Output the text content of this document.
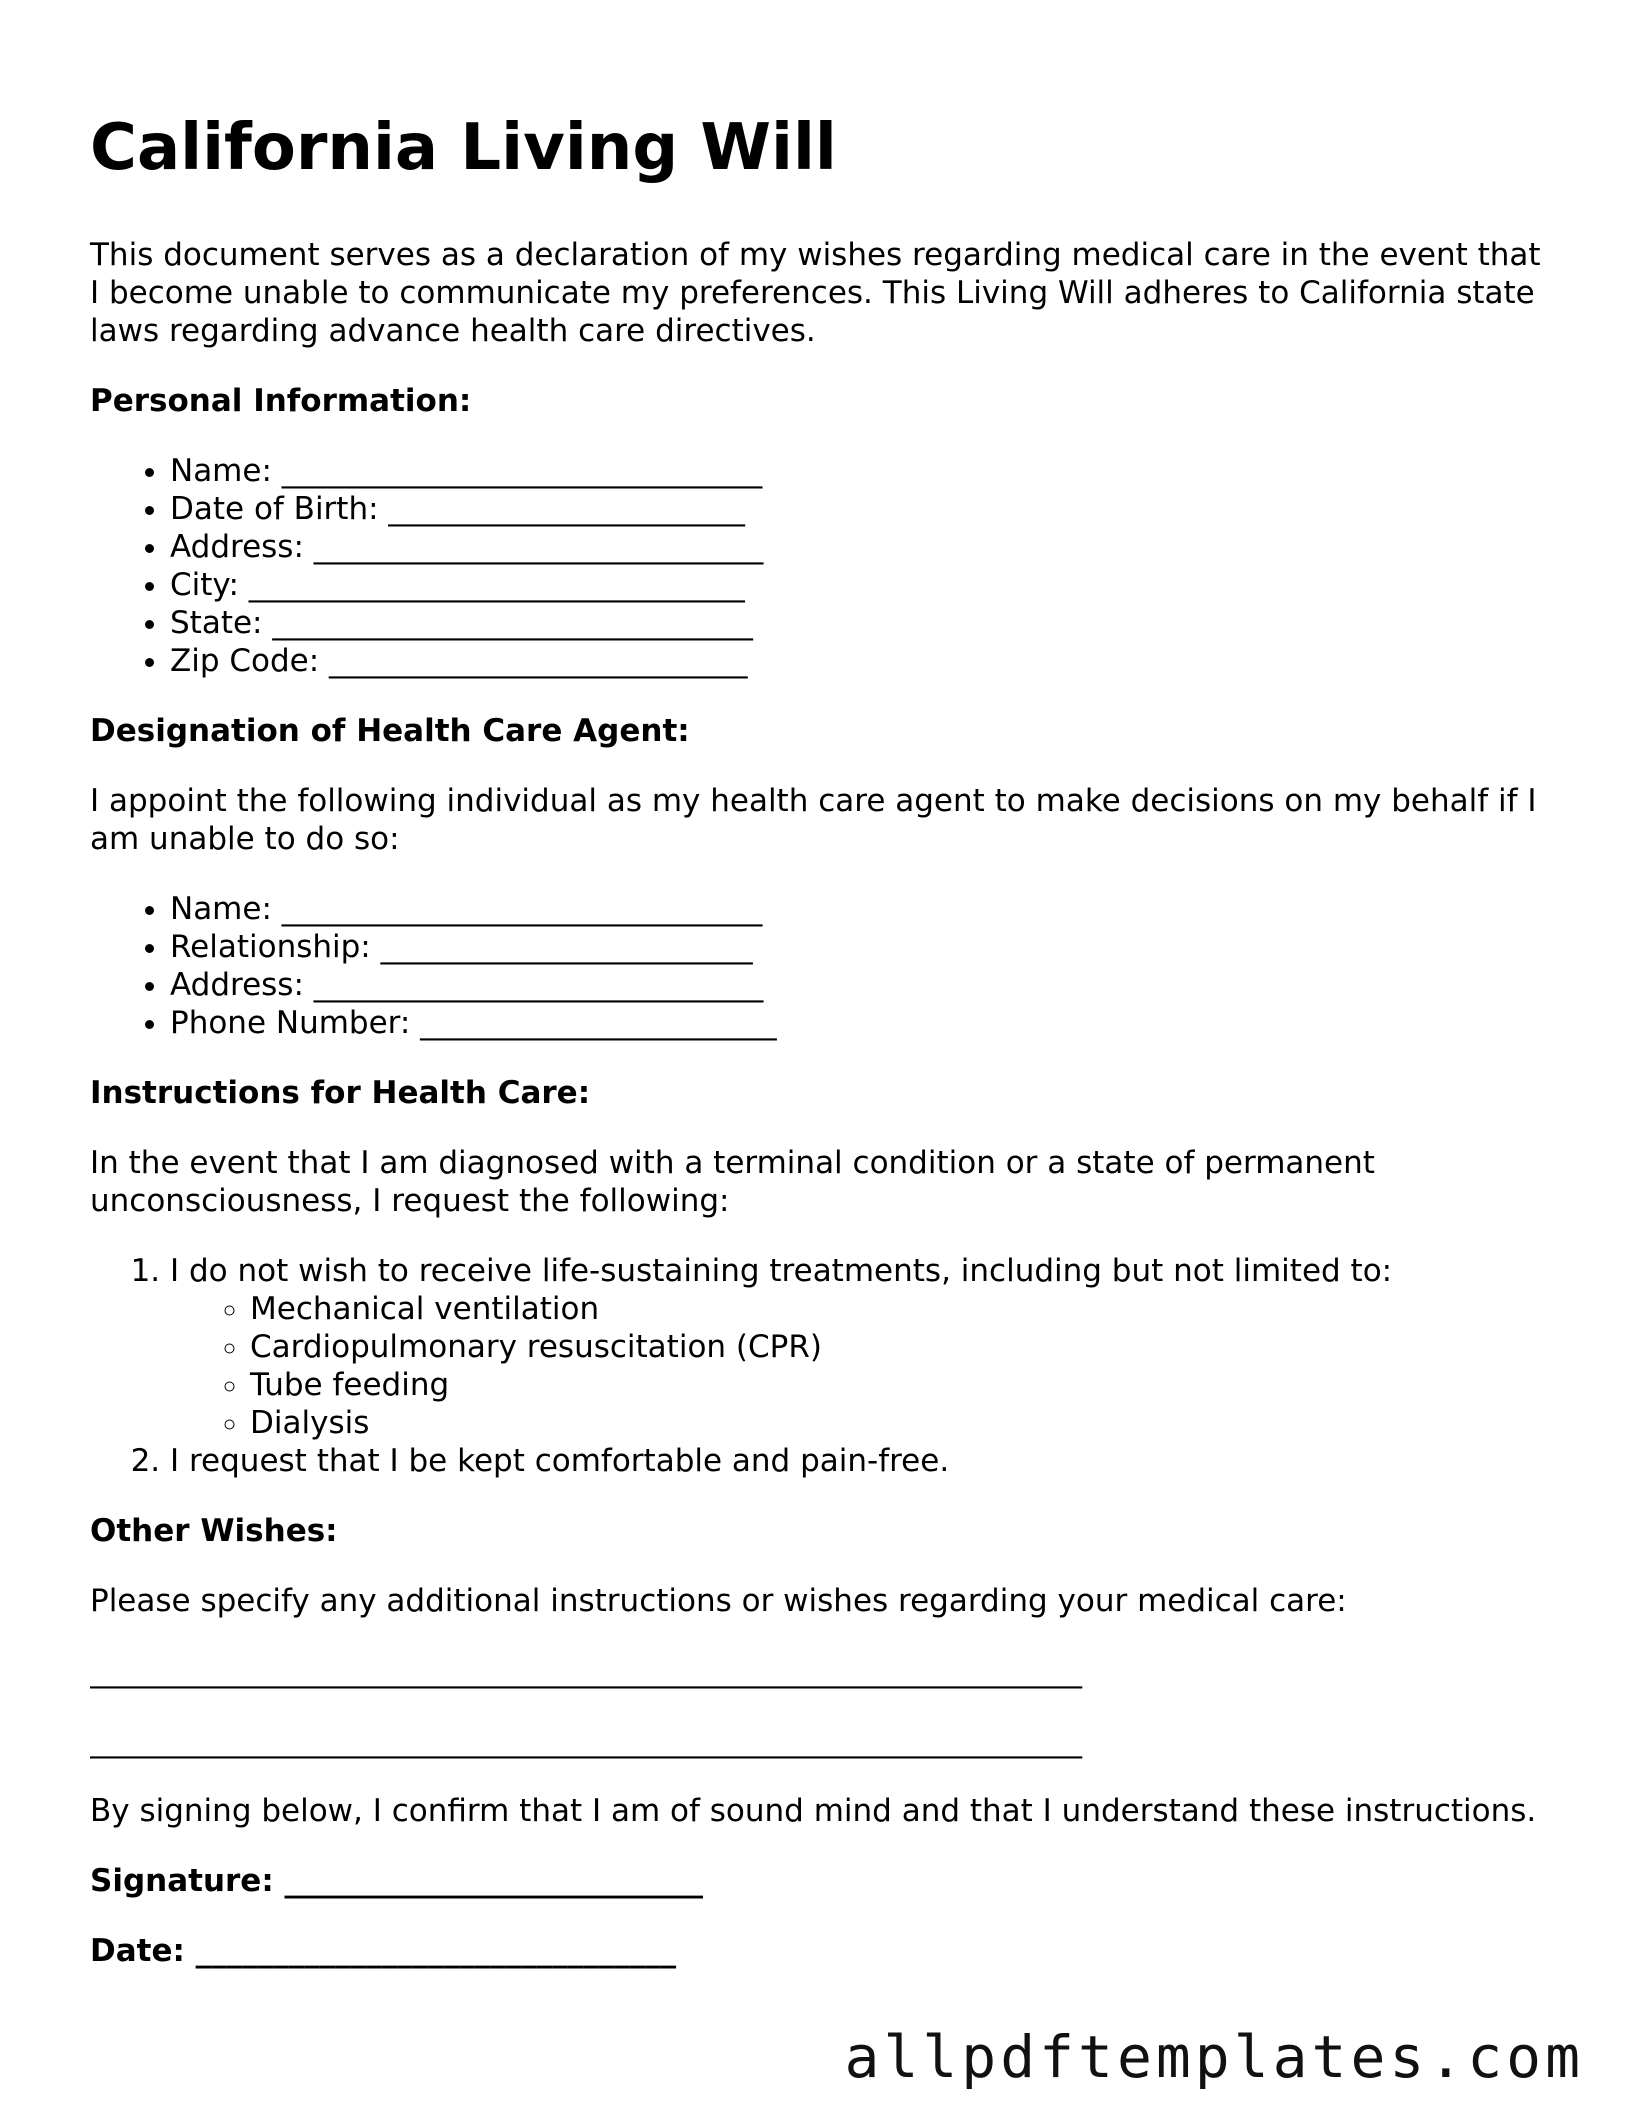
California Living Will

This document serves as a declaration of my wishes regarding medical care in the event that I become unable to communicate my preferences. This Living Will adheres to California state laws regarding advance health care directives.

Personal Information:
• Name: _______________________________
• Date of Birth: _______________________
• Address: _____________________________
• City: ________________________________
• State: _______________________________
• Zip Code: ___________________________
Designation of Health Care Agent:

I appoint the following individual as my health care agent to make decisions on my behalf if I am unable to do so:

• Name: _______________________________
• Relationship: ________________________
• Address: _____________________________
• Phone Number: _______________________
Instructions for Health Care:

In the event that I am diagnosed with a terminal condition or a state of permanent unconsciousness, I request the following:

1. I do not wish to receive life-sustaining treatments, including but not limited to:
◦ Mechanical ventilation
◦ Cardiopulmonary resuscitation (CPR)
◦ Tube feeding
◦ Dialysis
2. I request that I be kept comfortable and pain-free.
Other Wishes:

Please specify any additional instructions or wishes regarding your medical care:

________________________________________________________________
________________________________________________________________

By signing below, I confirm that I am of sound mind and that I understand these instructions.

Signature: ___________________________
Date: _______________________________
allpdftemplates.com
